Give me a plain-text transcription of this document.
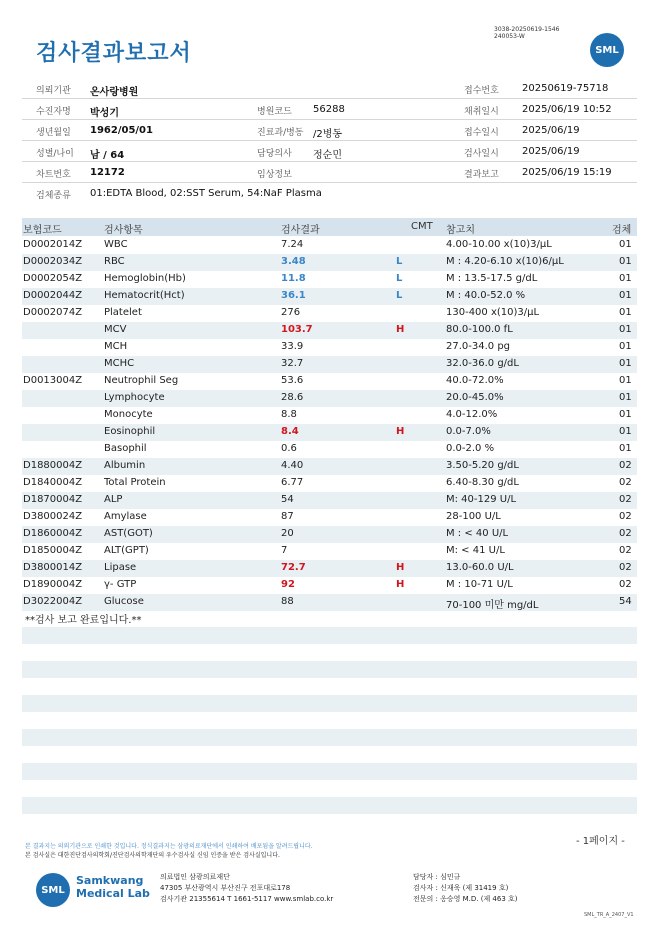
검사결과보고서
3038-20250619-1546
240053-W
SML
의뢰기관 온사랑병원	접수번호 20250619-75718
수진자명 박성기	병원코드 56288	채취일시 2025/06/19 10:52
생년월일 1962/05/01	진료과/병동 /2병동	접수일시 2025/06/19
성별/나이 남 / 64	담당의사 정순민	검사일시 2025/06/19
차트번호 12172	임상정보	결과보고 2025/06/19 15:19
검체종류 01:EDTA Blood, 02:SST Serum, 54:NaF Plasma
보험코드	검사항목	검사결과	CMT 참고치	검체
D0002014Z WBC	7.24	4.00-10.00 x(10)3/μL	01
D0002034Z RBC	3.48	L	M : 4.20-6.10 x(10)6/μL	01
D0002054Z Hemoglobin(Hb)	11.8	L	M : 13.5-17.5 g/dL	01
D0002044Z Hematocrit(Hct)	36.1	L	M : 40.0-52.0 %	01
D0002074Z Platelet	276	130-400 x(10)3/μL	01
MCV	103.7	H	80.0-100.0 fL	01
MCH	33.9	27.0-34.0 pg	01
MCHC	32.7	32.0-36.0 g/dL	01
D0013004Z Neutrophil Seg	53.6	40.0-72.0%	01
Lymphocyte	28.6	20.0-45.0%	01
Monocyte	8.8	4.0-12.0%	01
Eosinophil	8.4	H	0.0-7.0%	01
Basophil	0.6	0.0-2.0 %	01
D1880004Z Albumin	4.40	3.50-5.20 g/dL	02
D1840004Z Total Protein	6.77	6.40-8.30 g/dL	02
D1870004Z ALP	54	M: 40-129 U/L	02
D3800024Z Amylase	87	28-100 U/L	02
D1860004Z AST(GOT)	20	M : < 40 U/L	02
D1850004Z ALT(GPT)	7	M: < 41 U/L	02
D3800014Z Lipase	72.7	H	13.0-60.0 U/L	02
D1890004Z γ- GTP	92	H	M : 10-71 U/L	02
D3022004Z Glucose	88	70-100 미만 mg/dL	54
**검사 보고 완료입니다.**
- 1페이지 -
본 결과지는 의뢰기관으로 인쇄한 것입니다. 정식결과지는 삼광의료재단에서 인쇄하여 배포됨을 알려드립니다.
본 검사실은 대한진단검사의학회/진단검사의학재단의 우수검사실 신임 인증을 받은 검사실입니다.
SML
Samkwang
Medical Lab
의료법인 삼광의료재단
47305 부산광역시 부산진구 전포대로178
검사기관 21355614 T 1661-5117 www.smlab.co.kr
담당자 : 심민규
검사자 : 신재욱 (제 31419 호)
전문의 : 옹승영 M.D. (제 463 호)
SML_TR_A_2407_V1
